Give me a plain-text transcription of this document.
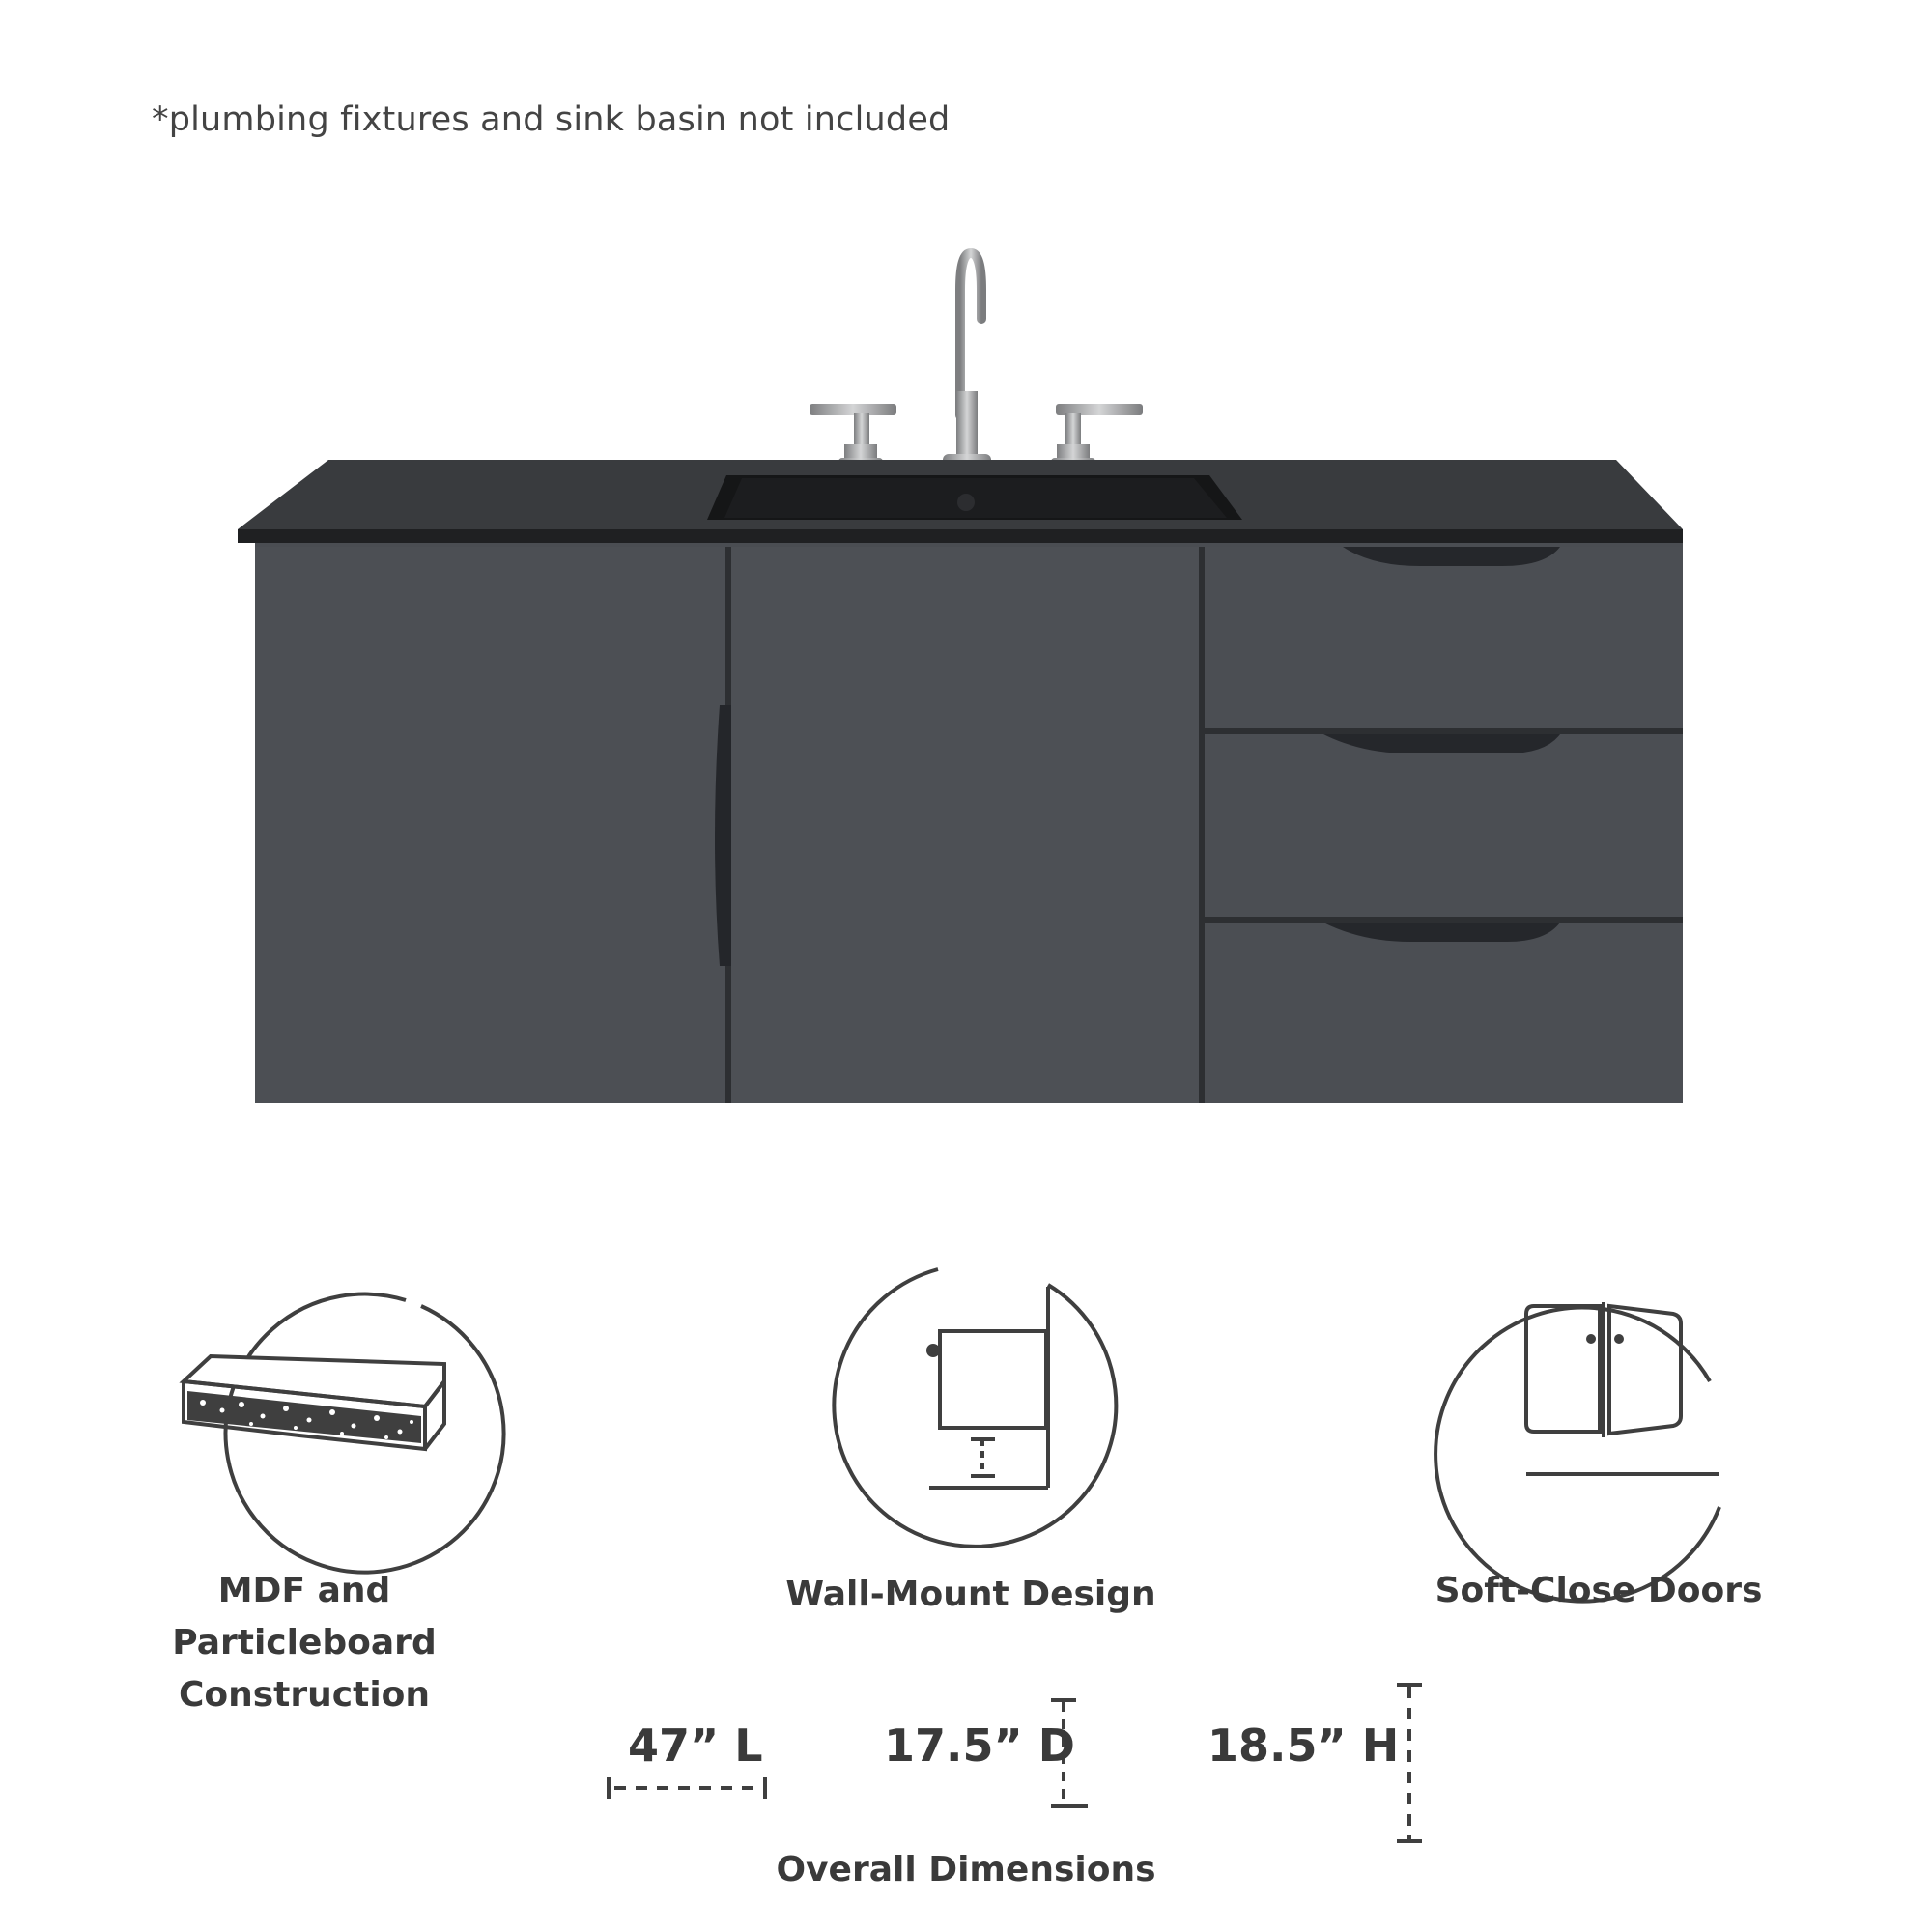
*plumbing fixtures and sink basin not included
MDF and Particleboard
Construction
Wall-Mount Design	Soft-Close Doors
47” L	17.5” D	18.5” H
Overall Dimensions
